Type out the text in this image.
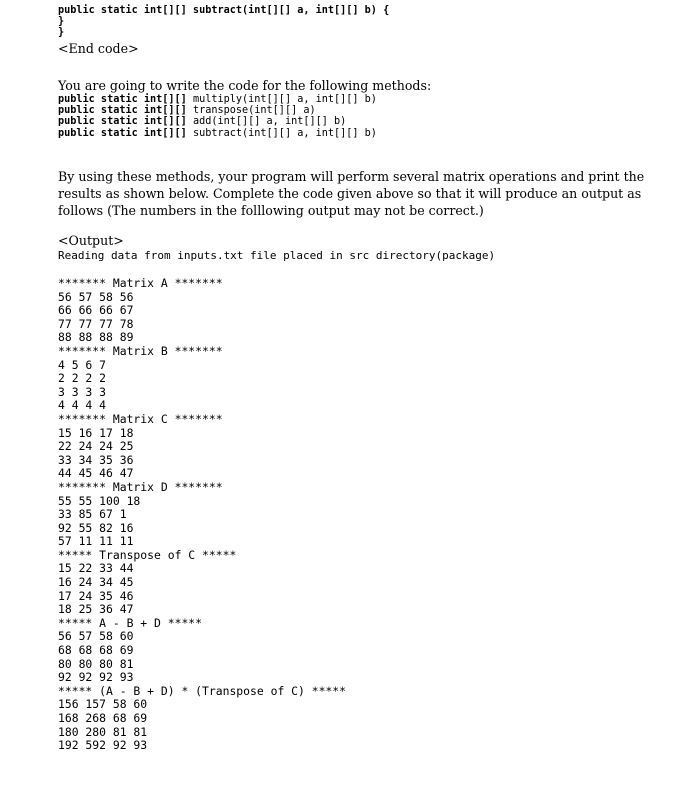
public static int[][] subtract(int[][] a, int[][] b) {
}
}
<End code>
You are going to write the code for the following methods:
public static int[][] multiply(int[][] a, int[][] b)
public static int[][] transpose(int[][] a)
public static int[][] add(int[][] a, int[][] b)
public static int[][] subtract(int[][] a, int[][] b)
By using these methods, your program will perform several matrix operations and print the results as shown below. Complete the code given above so that it will produce an output as follows (The numbers in the folllowing output may not be correct.)
<Output>
Reading data from inputs.txt file placed in src directory(package)
******* Matrix A *******
56 57 58 56
66 66 66 67
77 77 77 78
88 88 88 89
******* Matrix B *******
4 5 6 7
2 2 2 2
3 3 3 3
4 4 4 4
******* Matrix C *******
15 16 17 18
22 24 24 25
33 34 35 36
44 45 46 47
******* Matrix D *******
55 55 100 18
33 85 67 1
92 55 82 16
57 11 11 11
***** Transpose of C *****
15 22 33 44
16 24 34 45
17 24 35 46
18 25 36 47
***** A - B + D *****
56 57 58 60
68 68 68 69
80 80 80 81
92 92 92 93
***** (A - B + D) * (Transpose of C) *****
156 157 58 60
168 268 68 69
180 280 81 81
192 592 92 93
